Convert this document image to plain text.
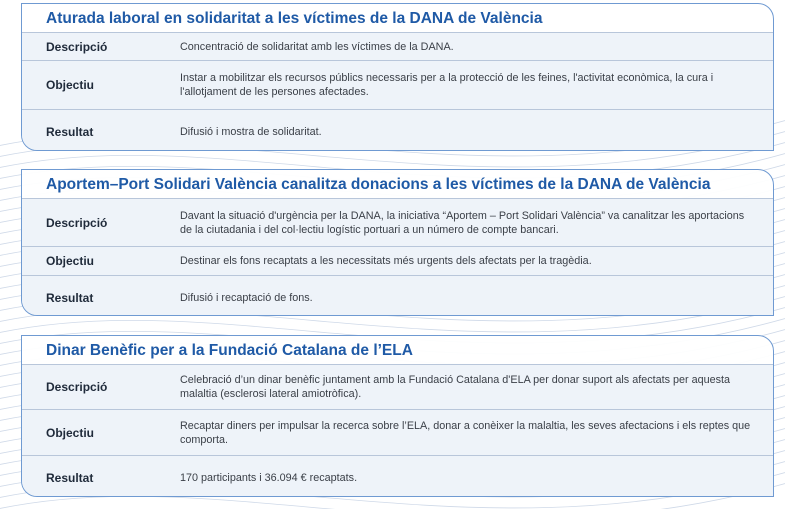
Aturada laboral en solidaritat a les víctimes de la DANA de València
Descripció	Concentració de solidaritat amb les víctimes de la DANA.
Objectiu	Instar a mobilitzar els recursos públics necessaris per a la protecció de les feines, l'activitat econòmica, la cura i l'allotjament de les persones afectades.
Resultat	Difusió i mostra de solidaritat.
Aportem–Port Solidari València canalitza donacions a les víctimes de la DANA de València
Descripció	Davant la situació d'urgència per la DANA, la iniciativa “Aportem – Port Solidari València” va canalitzar les aportacions de la ciutadania i del col·lectiu logístic portuari a un número de compte bancari.
Objectiu	Destinar els fons recaptats a les necessitats més urgents dels afectats per la tragèdia.
Resultat	Difusió i recaptació de fons.
Dinar Benèfic per a la Fundació Catalana de l’ELA
Descripció	Celebració d’un dinar benèfic juntament amb la Fundació Catalana d'ELA per donar suport als afectats per aquesta malaltia (esclerosi lateral amiotròfica).
Objectiu	Recaptar diners per impulsar la recerca sobre l’ELA, donar a conèixer la malaltia, les seves afectacions i els reptes que comporta.
Resultat	170 participants i 36.094 € recaptats.
